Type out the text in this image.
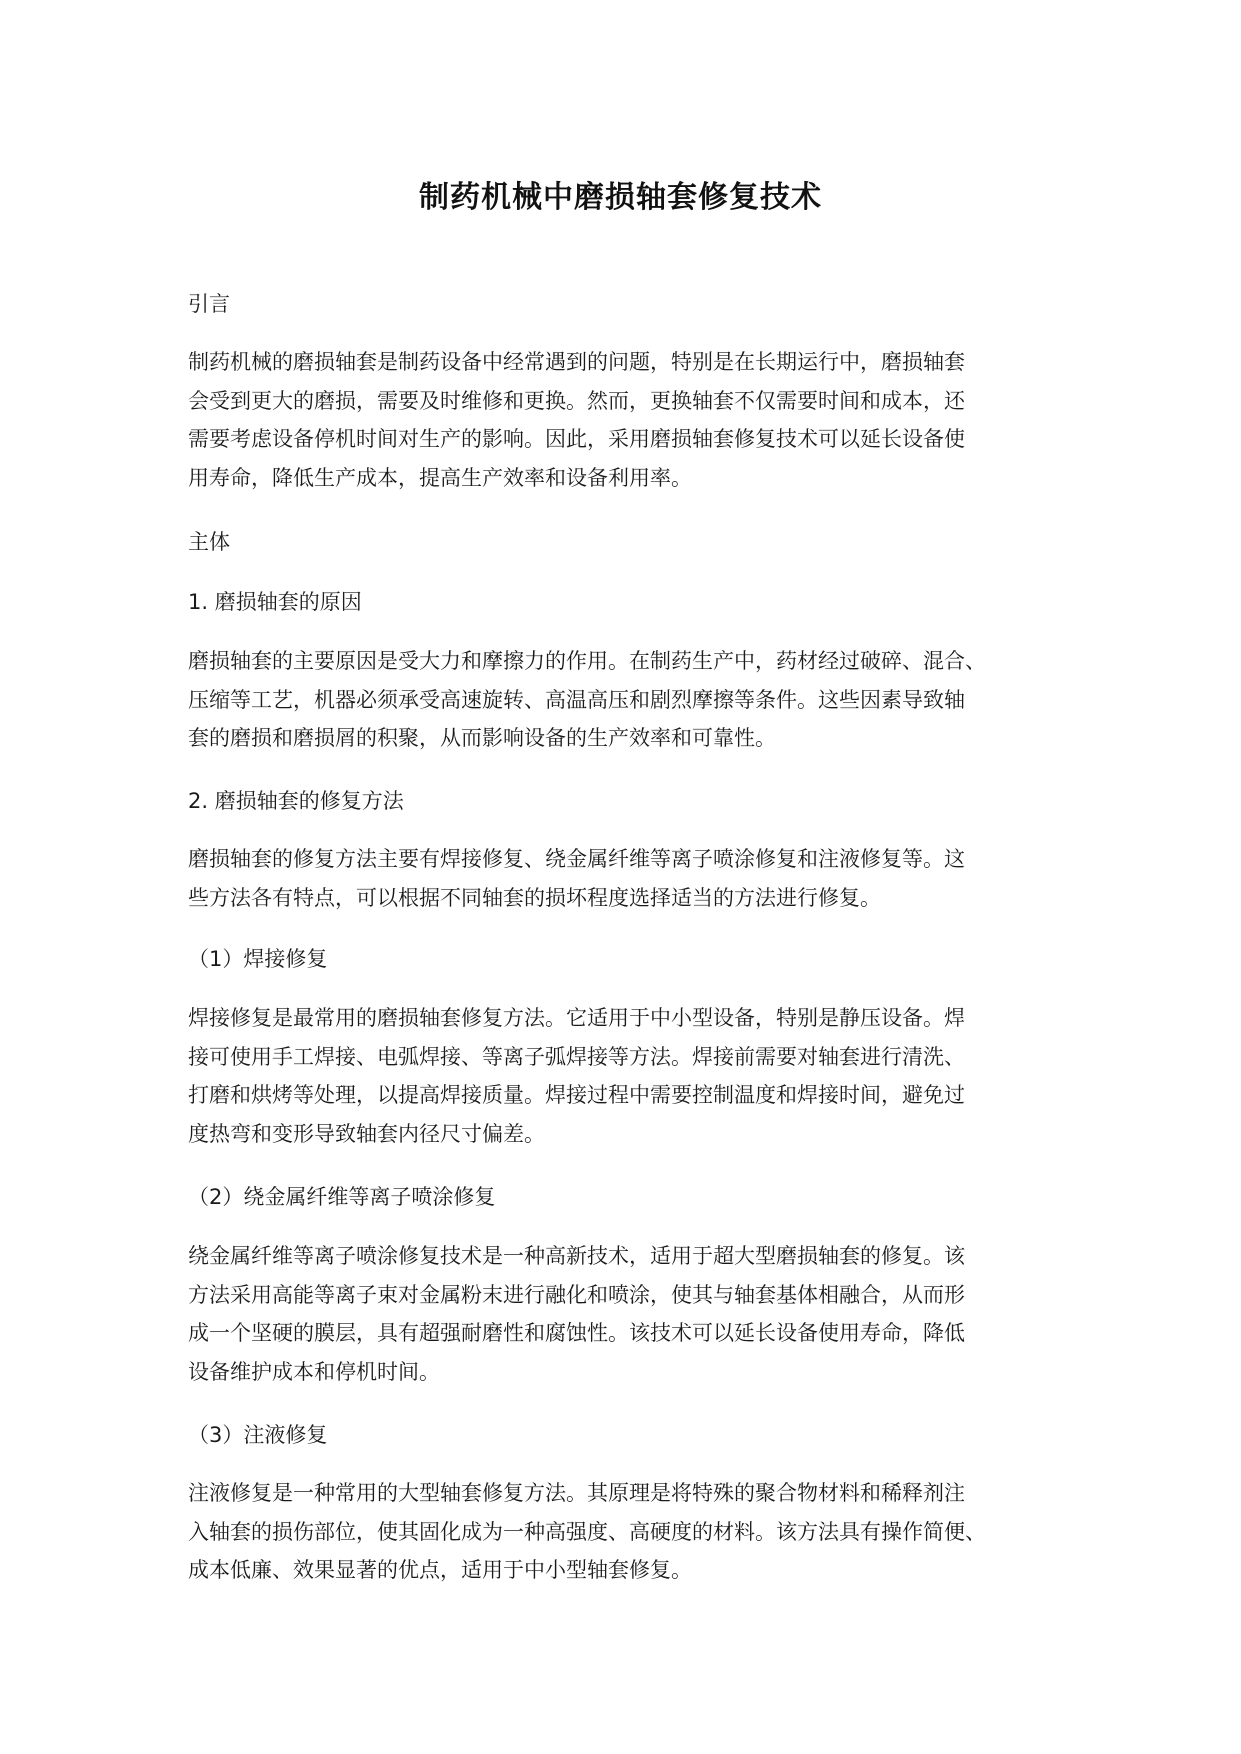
制药机械中磨损轴套修复技术
引言
制药机械的磨损轴套是制药设备中经常遇到的问题，特别是在长期运行中，磨损轴套
会受到更大的磨损，需要及时维修和更换。然而，更换轴套不仅需要时间和成本，还
需要考虑设备停机时间对生产的影响。因此，采用磨损轴套修复技术可以延长设备使
用寿命，降低生产成本，提高生产效率和设备利用率。
主体
1. 磨损轴套的原因
磨损轴套的主要原因是受大力和摩擦力的作用。在制药生产中，药材经过破碎、混合、
压缩等工艺，机器必须承受高速旋转、高温高压和剧烈摩擦等条件。这些因素导致轴
套的磨损和磨损屑的积聚，从而影响设备的生产效率和可靠性。
2. 磨损轴套的修复方法
磨损轴套的修复方法主要有焊接修复、绕金属纤维等离子喷涂修复和注液修复等。这
些方法各有特点，可以根据不同轴套的损坏程度选择适当的方法进行修复。
（1）焊接修复
焊接修复是最常用的磨损轴套修复方法。它适用于中小型设备，特别是静压设备。焊
接可使用手工焊接、电弧焊接、等离子弧焊接等方法。焊接前需要对轴套进行清洗、
打磨和烘烤等处理，以提高焊接质量。焊接过程中需要控制温度和焊接时间，避免过
度热弯和变形导致轴套内径尺寸偏差。
（2）绕金属纤维等离子喷涂修复
绕金属纤维等离子喷涂修复技术是一种高新技术，适用于超大型磨损轴套的修复。该
方法采用高能等离子束对金属粉末进行融化和喷涂，使其与轴套基体相融合，从而形
成一个坚硬的膜层，具有超强耐磨性和腐蚀性。该技术可以延长设备使用寿命，降低
设备维护成本和停机时间。
（3）注液修复
注液修复是一种常用的大型轴套修复方法。其原理是将特殊的聚合物材料和稀释剂注
入轴套的损伤部位，使其固化成为一种高强度、高硬度的材料。该方法具有操作简便、
成本低廉、效果显著的优点，适用于中小型轴套修复。
